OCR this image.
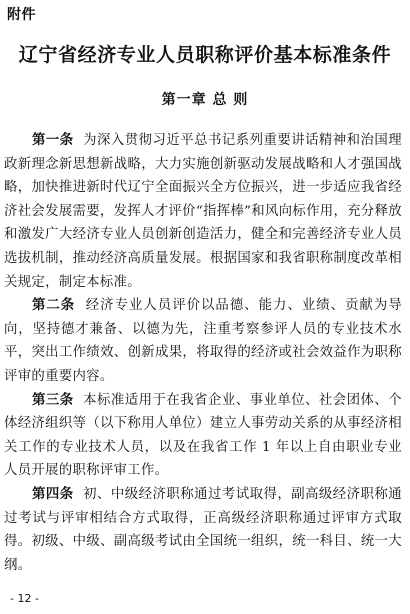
附件
辽宁省经济专业人员职称评价基本标准条件
第一章 总 则

第一条 为深入贯彻习近平总书记系列重要讲话精神和治国理政新理念新思想新战略，大力实施创新驱动发展战略和人才强国战略，加快推进新时代辽宁全面振兴全方位振兴，进一步适应我省经济社会发展需要，发挥人才评价“指挥棒”和风向标作用，充分释放和激发广大经济专业人员创新创造活力，健全和完善经济专业人员选拔机制，推动经济高质量发展。根据国家和我省职称制度改革相关规定，制定本标准。

第二条 经济专业人员评价以品德、能力、业绩、贡献为导向，坚持德才兼备、以德为先，注重考察参评人员的专业技术水平，突出工作绩效、创新成果，将取得的经济或社会效益作为职称评审的重要内容。

第三条 本标准适用于在我省企业、事业单位、社会团体、个体经济组织等（以下称用人单位）建立人事劳动关系的从事经济相关工作的专业技术人员，以及在我省工作 1 年以上自由职业专业人员开展的职称评审工作。

第四条 初、中级经济职称通过考试取得，副高级经济职称通过考试与评审相结合方式取得，正高级经济职称通过评审方式取得。初级、中级、副高级考试由全国统一组织，统一科目、统一大纲。

- 12 -
